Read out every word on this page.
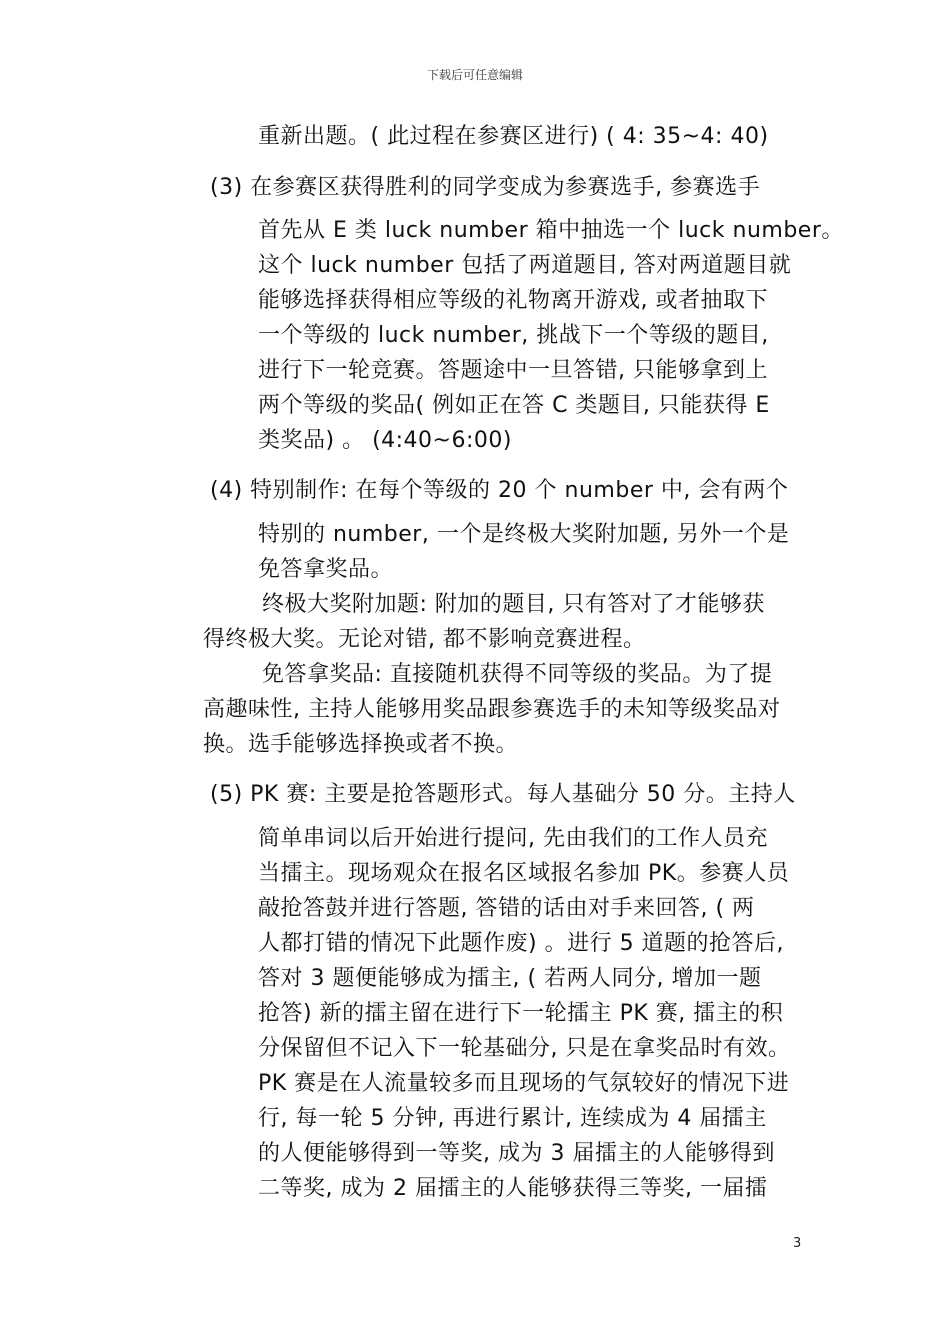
下载后可任意编辑
重新出题。( 此过程在参赛区进行) ( 4: 35~4: 40)
(3) 在参赛区获得胜利的同学变成为参赛选手, 参赛选手
首先从 E 类 luck number 箱中抽选一个 luck number。
这个 luck number 包括了两道题目, 答对两道题目就
能够选择获得相应等级的礼物离开游戏, 或者抽取下
一个等级的 luck number, 挑战下一个等级的题目,
进行下一轮竞赛。答题途中一旦答错, 只能够拿到上
两个等级的奖品( 例如正在答 C 类题目, 只能获得 E
类奖品) 。 (4:40~6:00)
(4) 特别制作: 在每个等级的 20 个 number 中, 会有两个
特别的 number, 一个是终极大奖附加题, 另外一个是
免答拿奖品。
终极大奖附加题: 附加的题目, 只有答对了才能够获
得终极大奖。无论对错, 都不影响竞赛进程。
免答拿奖品: 直接随机获得不同等级的奖品。为了提
高趣味性, 主持人能够用奖品跟参赛选手的未知等级奖品对
换。选手能够选择换或者不换。
(5) PK 赛: 主要是抢答题形式。每人基础分 50 分。主持人
简单串词以后开始进行提问, 先由我们的工作人员充
当擂主。现场观众在报名区域报名参加 PK。参赛人员
敲抢答鼓并进行答题, 答错的话由对手来回答, ( 两
人都打错的情况下此题作废) 。进行 5 道题的抢答后,
答对 3 题便能够成为擂主, ( 若两人同分, 增加一题
抢答) 新的擂主留在进行下一轮擂主 PK 赛, 擂主的积
分保留但不记入下一轮基础分, 只是在拿奖品时有效。
PK 赛是在人流量较多而且现场的气氛较好的情况下进
行, 每一轮 5 分钟, 再进行累计, 连续成为 4 届擂主
的人便能够得到一等奖, 成为 3 届擂主的人能够得到
二等奖, 成为 2 届擂主的人能够获得三等奖, 一届擂
3
